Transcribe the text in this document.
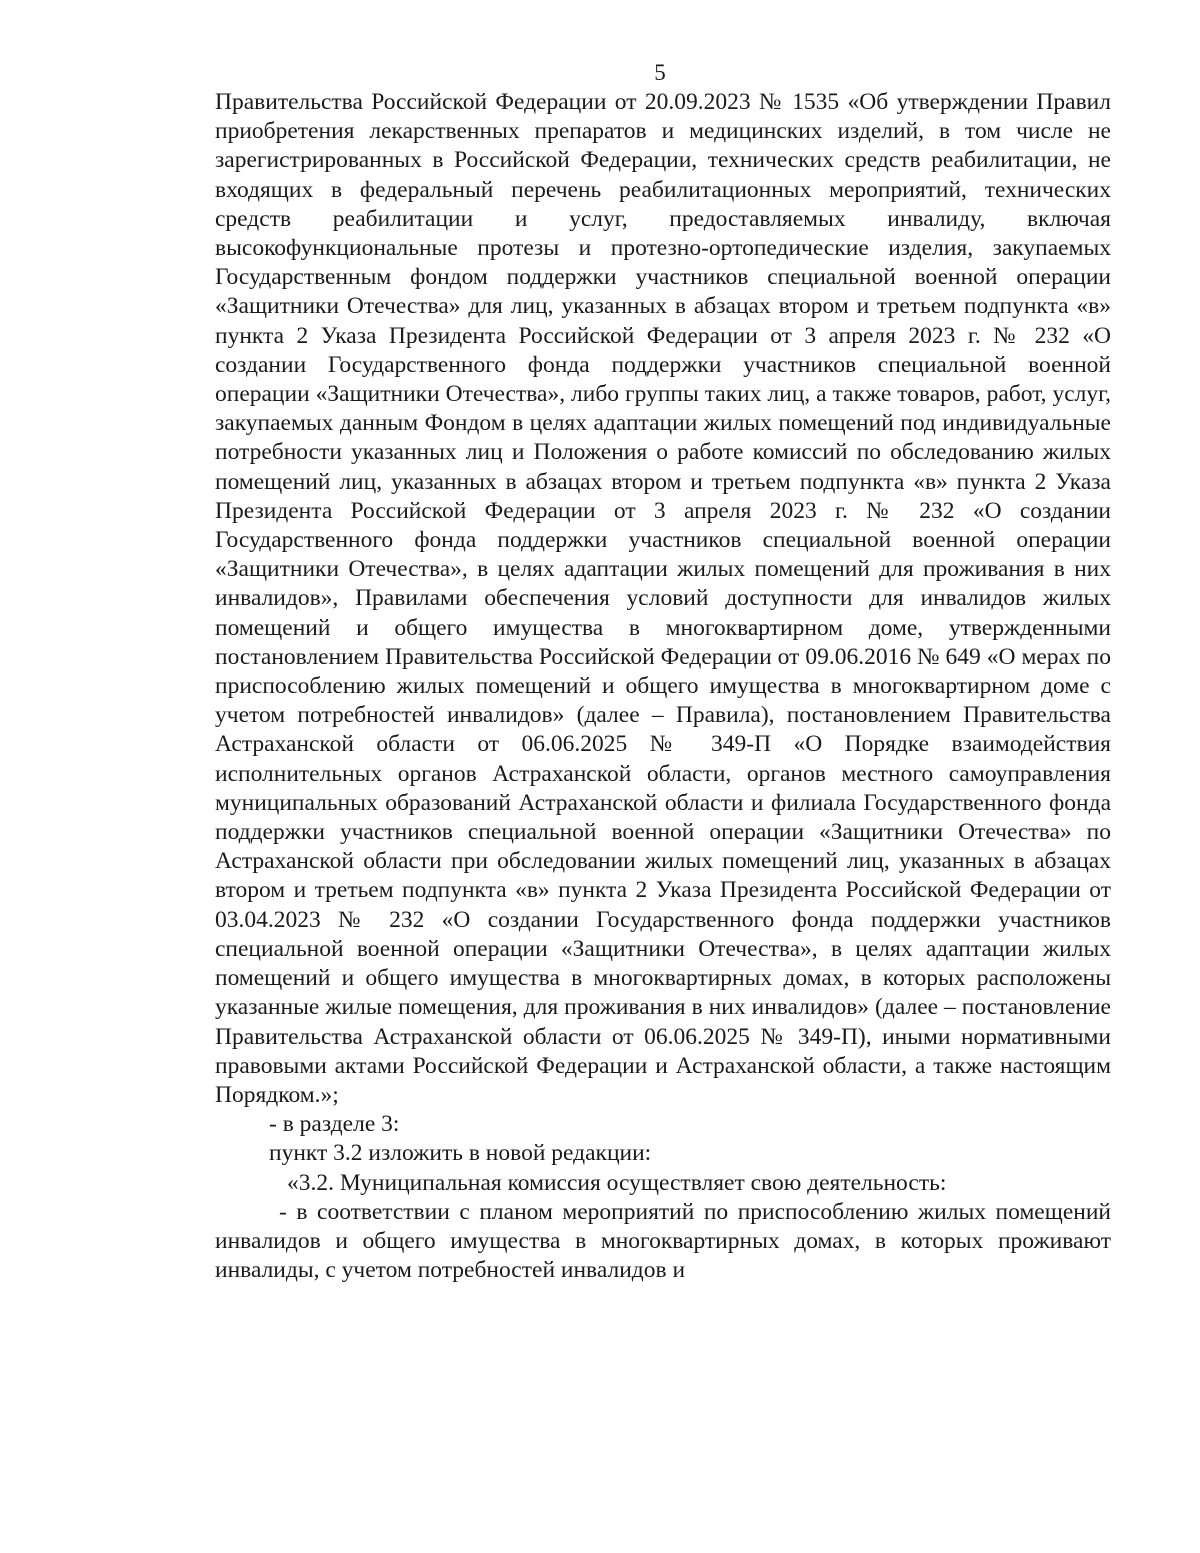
5

Правительства Российской Федерации от 20.09.2023 № 1535 «Об утверждении Правил приобретения лекарственных препаратов и медицинских изделий, в том числе не зарегистрированных в Российской Федерации, технических средств реабилитации, не входящих в федеральный перечень реабилитационных мероприятий, технических средств реабилитации и услуг, предоставляемых инвалиду, включая высокофункциональные протезы и протезно-ортопедические изделия, закупаемых Государственным фондом поддержки участников специальной военной операции «Защитники Отечества» для лиц, указанных в абзацах втором и третьем подпункта «в» пункта 2 Указа Президента Российской Федерации от 3 апреля 2023 г. № 232 «О создании Государственного фонда поддержки участников специальной военной операции «Защитники Отечества», либо группы таких лиц, а также товаров, работ, услуг, закупаемых данным Фондом в целях адаптации жилых помещений под индивидуальные потребности указанных лиц и Положения о работе комиссий по обследованию жилых помещений лиц, указанных в абзацах втором и третьем подпункта «в» пункта 2 Указа Президента Российской Федерации от 3 апреля 2023 г. № 232 «О создании Государственного фонда поддержки участников специальной военной операции «Защитники Отечества», в целях адаптации жилых помещений для проживания в них инвалидов», Правилами обеспечения условий доступности для инвалидов жилых помещений и общего имущества в многоквартирном доме, утвержденными постановлением Правительства Российской Федерации от 09.06.2016 № 649 «О мерах по приспособлению жилых помещений и общего имущества в многоквартирном доме с учетом потребностей инвалидов» (далее – Правила), постановлением Правительства Астраханской области от 06.06.2025 № 349-П «О Порядке взаимодействия исполнительных органов Астраханской области, органов местного самоуправления муниципальных образований Астраханской области и филиала Государственного фонда поддержки участников специальной военной операции «Защитники Отечества» по Астраханской области при обследовании жилых помещений лиц, указанных в абзацах втором и третьем подпункта «в» пункта 2 Указа Президента Российской Федерации от 03.04.2023 № 232 «О создании Государственного фонда поддержки участников специальной военной операции «Защитники Отечества», в целях адаптации жилых помещений и общего имущества в многоквартирных домах, в которых расположены указанные жилые помещения, для проживания в них инвалидов» (далее – постановление Правительства Астраханской области от 06.06.2025 № 349-П), иными нормативными правовыми актами Российской Федерации и Астраханской области, а также настоящим Порядком.»;

- в разделе 3:

пункт 3.2 изложить в новой редакции:

«3.2. Муниципальная комиссия осуществляет свою деятельность:

- в соответствии с планом мероприятий по приспособлению жилых помещений инвалидов и общего имущества в многоквартирных домах, в которых проживают инвалиды, с учетом потребностей инвалидов и
